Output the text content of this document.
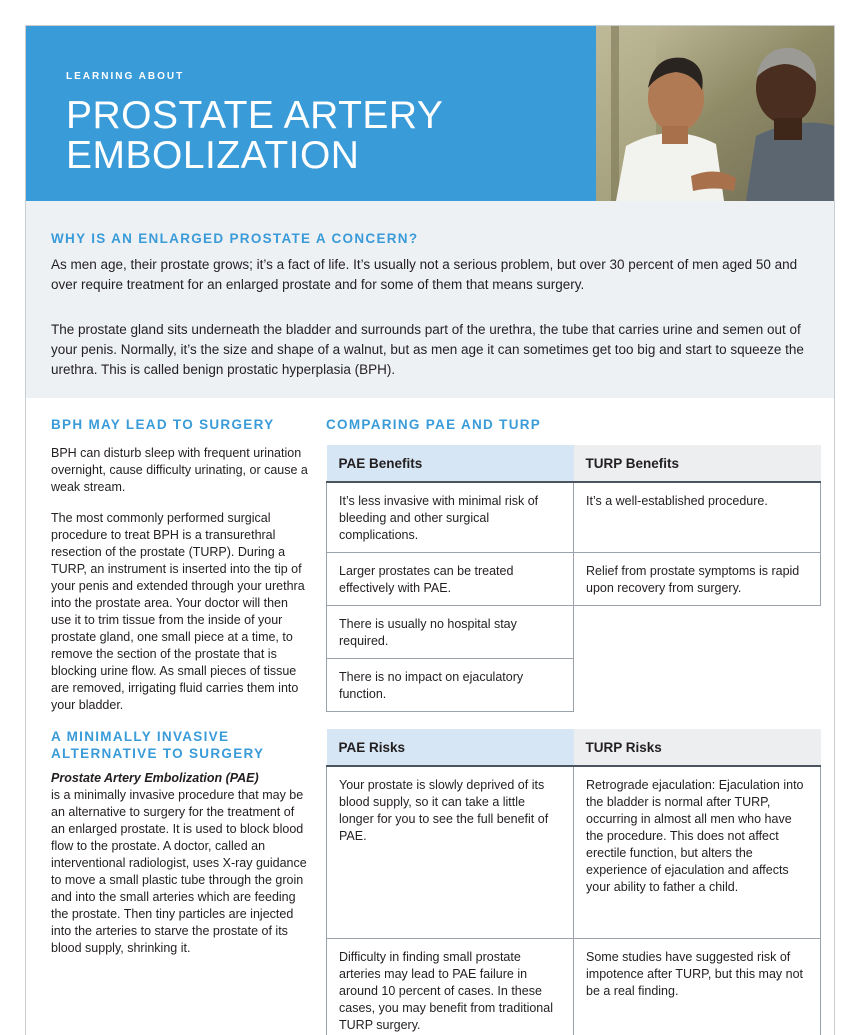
LEARNING ABOUT
PROSTATE ARTERY
EMBOLIZATION
WHY IS AN ENLARGED PROSTATE A CONCERN?

As men age, their prostate grows; it’s a fact of life. It’s usually not a serious problem, but over 30 percent of men aged 50 and over require treatment for an enlarged prostate and for some of them that means surgery.

The prostate gland sits underneath the bladder and surrounds part of the urethra, the tube that carries urine and semen out of your penis. Normally, it’s the size and shape of a walnut, but as men age it can sometimes get too big and start to squeeze the urethra. This is called benign prostatic hyperplasia (BPH).

BPH MAY LEAD TO SURGERY

BPH can disturb sleep with frequent urination overnight, cause difficulty urinating, or cause a weak stream.

The most commonly performed surgical procedure to treat BPH is a transurethral resection of the prostate (TURP). During a TURP, an instrument is inserted into the tip of your penis and extended through your urethra into the prostate area. Your doctor will then use it to trim tissue from the inside of your prostate gland, one small piece at a time, to remove the section of the prostate that is blocking urine flow. As small pieces of tissue are removed, irrigating fluid carries them into your bladder.

A MINIMALLY INVASIVE ALTERNATIVE TO SURGERY

Prostate Artery Embolization (PAE)
is a minimally invasive procedure that may be an alternative to surgery for the treatment of an enlarged prostate. It is used to block blood flow to the prostate. A doctor, called an interventional radiologist, uses X-ray guidance to move a small plastic tube through the groin and into the small arteries which are feeding the prostate. Then tiny particles are injected into the arteries to starve the prostate of its blood supply, shrinking it.

COMPARING PAE AND TURP
PAE Benefits	TURP Benefits
It’s less invasive with minimal risk of bleeding and other surgical complications.	It’s a well-established procedure.
Larger prostates can be treated effectively with PAE.	Relief from prostate symptoms is rapid upon recovery from surgery.
There is usually no hospital stay required.	
There is no impact on ejaculatory function.	
PAE Risks	TURP Risks
Your prostate is slowly deprived of its blood supply, so it can take a little longer for you to see the full benefit of PAE.	Retrograde ejaculation: Ejaculation into the bladder is normal after TURP, occurring in almost all men who have the procedure. This does not affect erectile function, but alters the experience of ejaculation and affects your ability to father a child.
Difficulty in finding small prostate arteries may lead to PAE failure in around 10 percent of cases. In these cases, you may benefit from traditional TURP surgery.	Some studies have suggested risk of impotence after TURP, but this may not be a real finding.
